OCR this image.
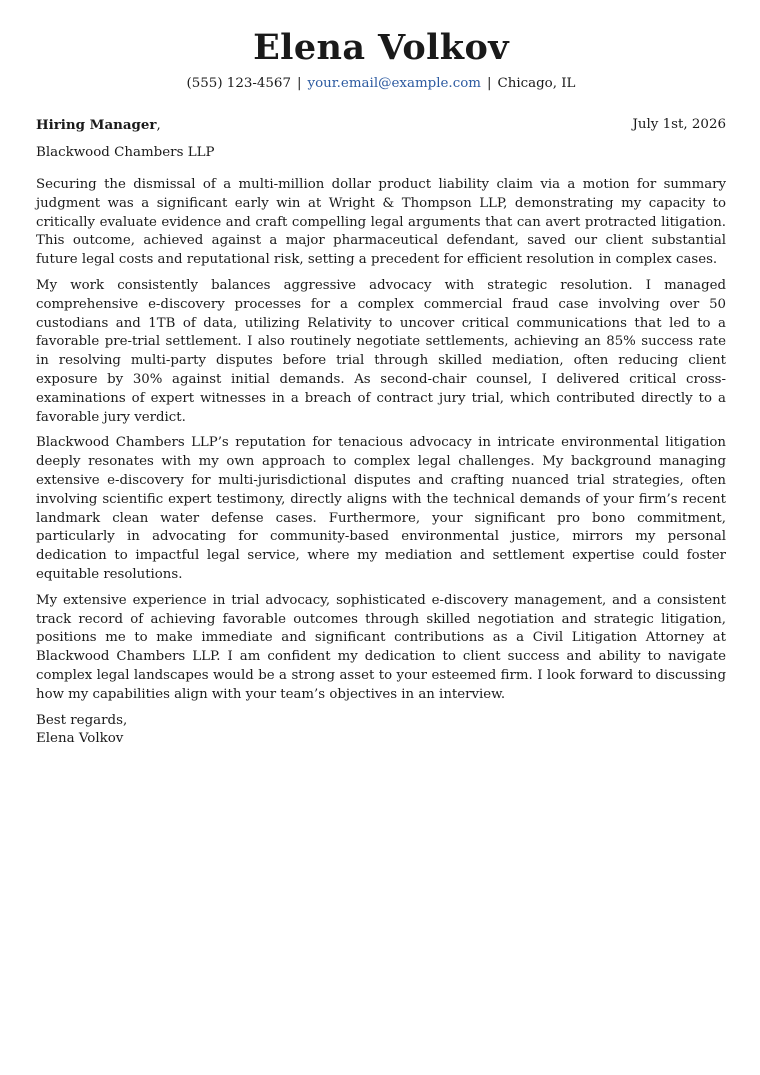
Elena Volkov
(555) 123-4567 | your.email@example.com | Chicago, IL
Hiring Manager,	July 1st, 2026
Blackwood Chambers LLP

Securing the dismissal of a multi-million dollar product liability claim via a motion for summary judgment was a significant early win at Wright & Thompson LLP, demonstrating my capacity to critically evaluate evidence and craft compelling legal arguments that can avert protracted litigation. This outcome, achieved against a major pharmaceutical defendant, saved our client substantial future legal costs and reputational risk, setting a precedent for efficient resolution in complex cases.

My work consistently balances aggressive advocacy with strategic resolution. I managed comprehensive e-discovery processes for a complex commercial fraud case involving over 50 custodians and 1TB of data, utilizing Relativity to uncover critical communications that led to a favorable pre-trial settlement. I also routinely negotiate settlements, achieving an 85% success rate in resolving multi-party disputes before trial through skilled mediation, often reducing client exposure by 30% against initial demands. As second-chair counsel, I delivered critical cross-examinations of expert witnesses in a breach of contract jury trial, which contributed directly to a favorable jury verdict.

Blackwood Chambers LLP’s reputation for tenacious advocacy in intricate environmental litigation deeply resonates with my own approach to complex legal challenges. My background managing extensive e-discovery for multi-jurisdictional disputes and crafting nuanced trial strategies, often involving scientific expert testimony, directly aligns with the technical demands of your firm’s recent landmark clean water defense cases. Furthermore, your significant pro bono commitment, particularly in advocating for community-based environmental justice, mirrors my personal dedication to impactful legal service, where my mediation and settlement expertise could foster equitable resolutions.

My extensive experience in trial advocacy, sophisticated e-discovery management, and a consistent track record of achieving favorable outcomes through skilled negotiation and strategic litigation, positions me to make immediate and significant contributions as a Civil Litigation Attorney at Blackwood Chambers LLP. I am confident my dedication to client success and ability to navigate complex legal landscapes would be a strong asset to your esteemed firm. I look forward to discussing how my capabilities align with your team’s objectives in an interview.

Best regards,
Elena Volkov
